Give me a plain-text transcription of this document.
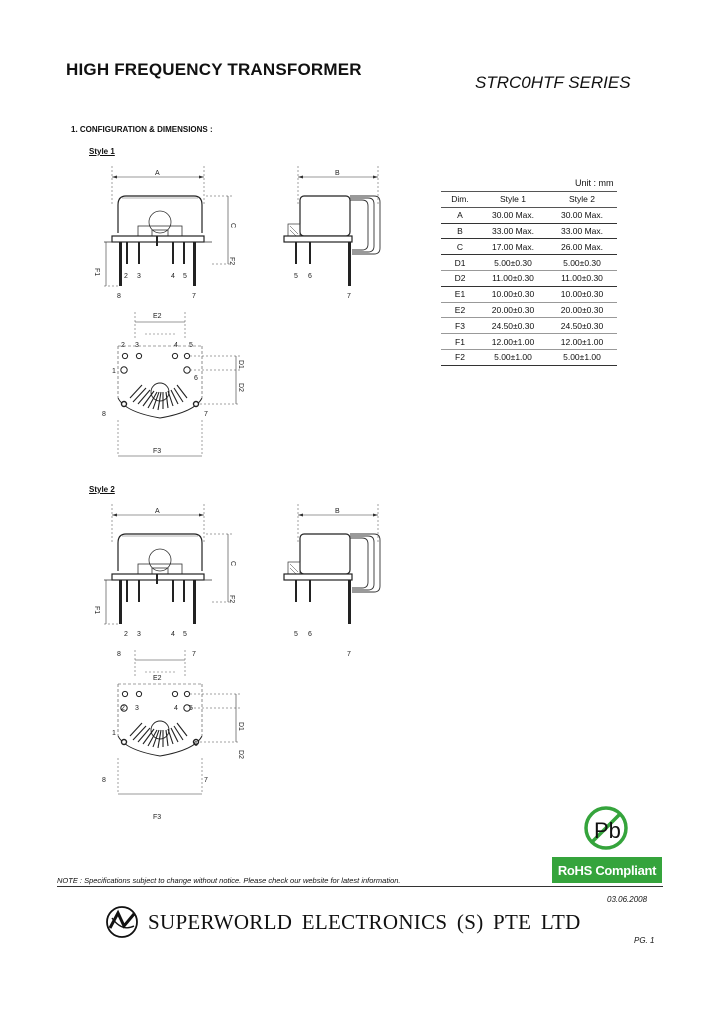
HIGH FREQUENCY TRANSFORMER
STRC0HTF SERIES
1. CONFIGURATION & DIMENSIONS :
Style 1
Style 2
A	B
C
F2
F1
2 3	4 5
8	7
5 6
7
E2
2 3	4 5
1
6
8	7
D1
D2
F3
A	B
C
F2
F1
2 3	4 5
8	7
5 6
7
E2
2 3	4 5
1
6
8	7
D1
D2
F3
Pb
Unit : mm
Dim.	Style 1	Style 2
A	30.00 Max.	30.00 Max.
B	33.00 Max.	33.00 Max.
C	17.00 Max.	26.00 Max.
D1	5.00±0.30	5.00±0.30
D2	11.00±0.30	11.00±0.30
E1	10.00±0.30	10.00±0.30
E2	20.00±0.30	20.00±0.30
F3	24.50±0.30	24.50±0.30
F1	12.00±1.00	12.00±1.00
F2	5.00±1.00	5.00±1.00
RoHS Compliant
NOTE : Specifications subject to change without notice. Please check our website for latest information.
03.06.2008
SUPERWORLD ELECTRONICS (S) PTE LTD
PG. 1
